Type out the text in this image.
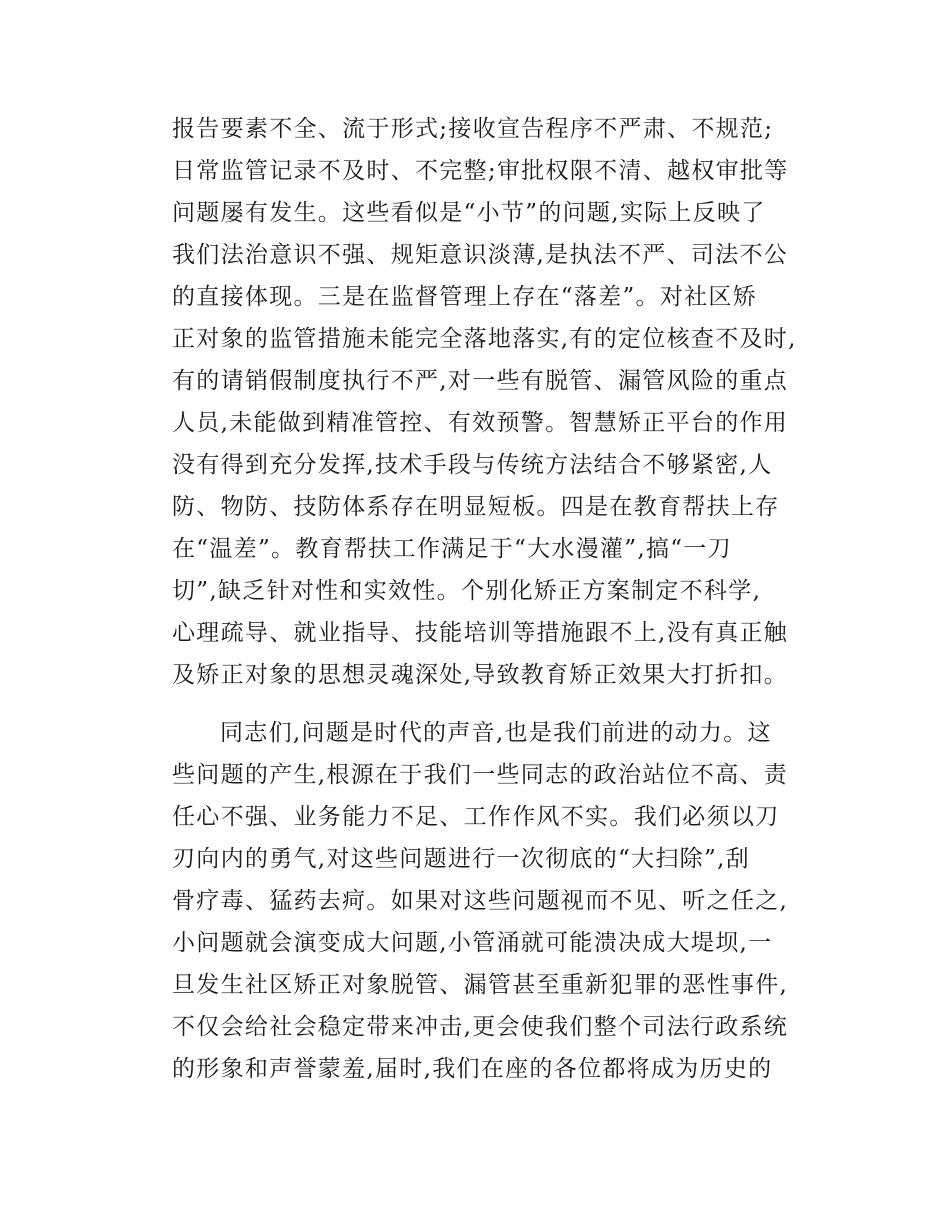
报告要素不全、流于形式;接收宣告程序不严肃、不规范;
日常监管记录不及时、不完整;审批权限不清、越权审批等
问题屡有发生。这些看似是“小节”的问题,实际上反映了
我们法治意识不强、规矩意识淡薄,是执法不严、司法不公
的直接体现。三是在监督管理上存在“落差”。对社区矫
正对象的监管措施未能完全落地落实,有的定位核查不及时,
有的请销假制度执行不严,对一些有脱管、漏管风险的重点
人员,未能做到精准管控、有效预警。智慧矫正平台的作用
没有得到充分发挥,技术手段与传统方法结合不够紧密,人
防、物防、技防体系存在明显短板。四是在教育帮扶上存
在“温差”。教育帮扶工作满足于“大水漫灌”,搞“一刀
切”,缺乏针对性和实效性。个别化矫正方案制定不科学,
心理疏导、就业指导、技能培训等措施跟不上,没有真正触
及矫正对象的思想灵魂深处,导致教育矫正效果大打折扣。
同志们,问题是时代的声音,也是我们前进的动力。这
些问题的产生,根源在于我们一些同志的政治站位不高、责
任心不强、业务能力不足、工作作风不实。我们必须以刀
刃向内的勇气,对这些问题进行一次彻底的“大扫除”,刮
骨疗毒、猛药去疴。如果对这些问题视而不见、听之任之,
小问题就会演变成大问题,小管涌就可能溃决成大堤坝,一
旦发生社区矫正对象脱管、漏管甚至重新犯罪的恶性事件,
不仅会给社会稳定带来冲击,更会使我们整个司法行政系统
的形象和声誉蒙羞,届时,我们在座的各位都将成为历史的
